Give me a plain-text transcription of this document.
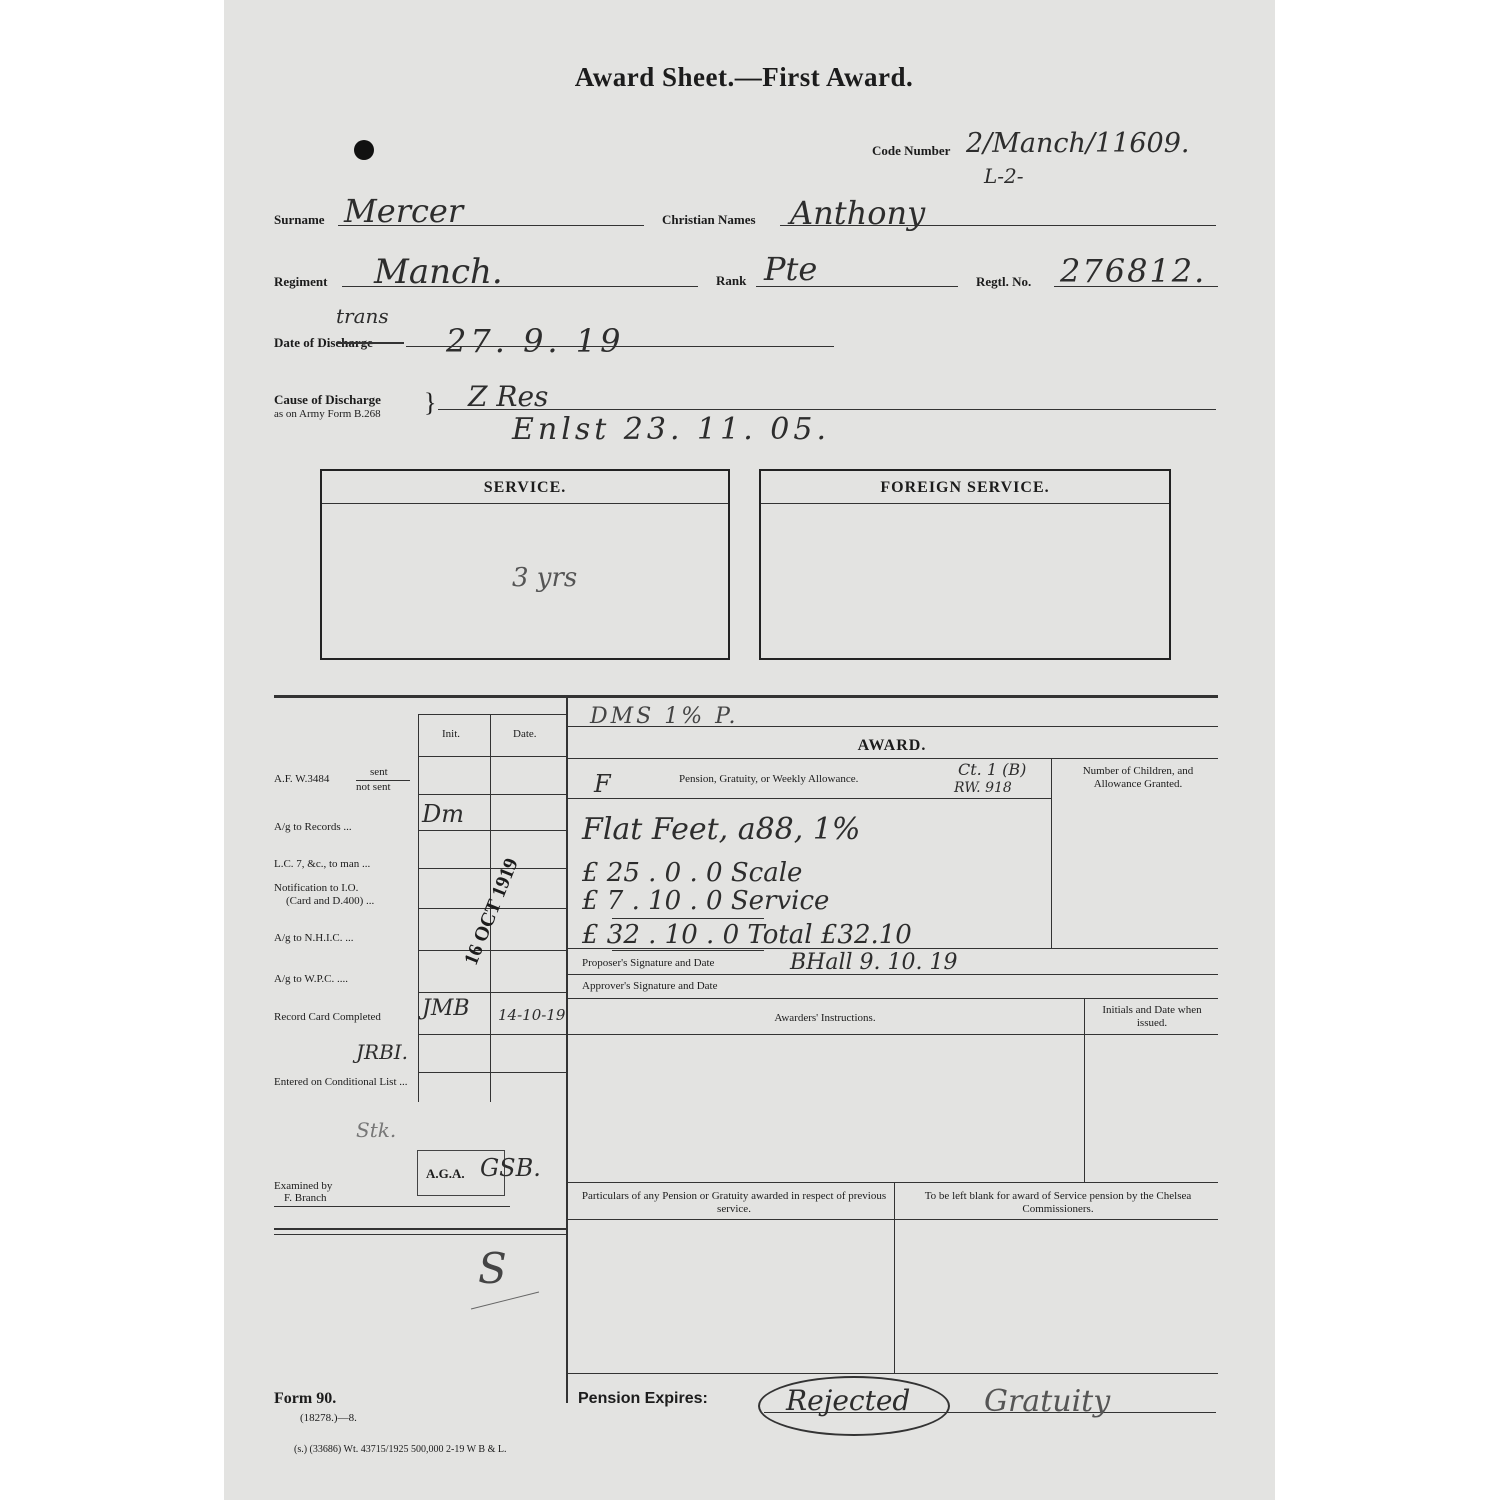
Award Sheet.—First Award.
Code Number 2/Manch/11609.
L-2-
Surname Mercer	Christian Names Anthony
Regiment Manch.	Rank Pte	Regtl. No. 276812.
trans
Date of Discharge 27. 9. 19
Cause of Discharge
as on Army Form B.268 } Z Res
Enlst 23. 11. 05.
SERVICE.
3 yrs
FOREIGN SERVICE.
Init.	Date.
A.F. W.3484
sent
not sent
A/g to Records ...	Dm
L.C. 7, &c., to man ...
Notification to I.O.
(Card and D.400) ...
A/g to N.H.I.C. ...
A/g to W.P.C. ....
Record Card Completed JMB 14-10-19
JRBI.
Entered on Conditional List ...
16 OCT 1919
Stk.
Examined by
F. Branch
A.G.A. GSB.
S
DMS 1% P.
AWARD.
F	Pension, Gratuity, or Weekly Allowance.	Ct. 1 (B)
RW. 918
Number of Children, and Allowance Granted.
Flat Feet, a88, 1%
£ 25 . 0 . 0 Scale
£ 7 . 10 . 0 Service
£ 32 . 10 . 0 Total £32.10
Proposer's Signature and Date	BHall 9. 10. 19
Approver's Signature and Date
Awarders' Instructions.
Initials and Date when issued.
Particulars of any Pension or Gratuity awarded in respect of previous service.
To be left blank for award of Service pension by the Chelsea Commissioners.
Pension Expires:	Rejected Gratuity
Form 90.
(18278.)—8.
(s.) (33686) Wt. 43715/1925 500,000 2-19 W B & L.
